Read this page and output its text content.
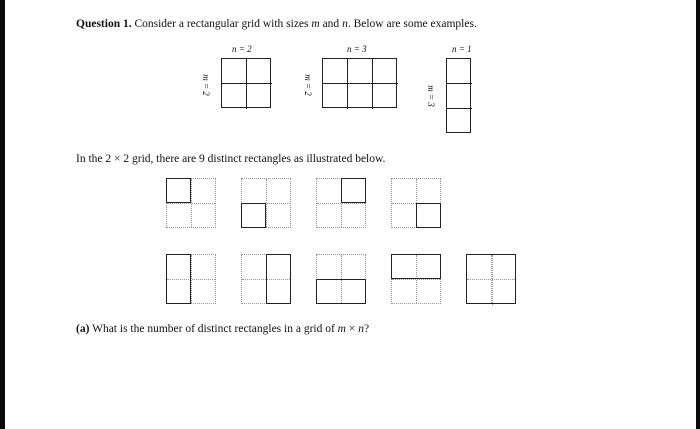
Question 1. Consider a rectangular grid with sizes m and n. Below are some examples.
n = 2
m = 2
n = 3
m = 2
n = 1
m = 3
In the 2 × 2 grid, there are 9 distinct rectangles as illustrated below.
(a) What is the number of distinct rectangles in a grid of m × n?
